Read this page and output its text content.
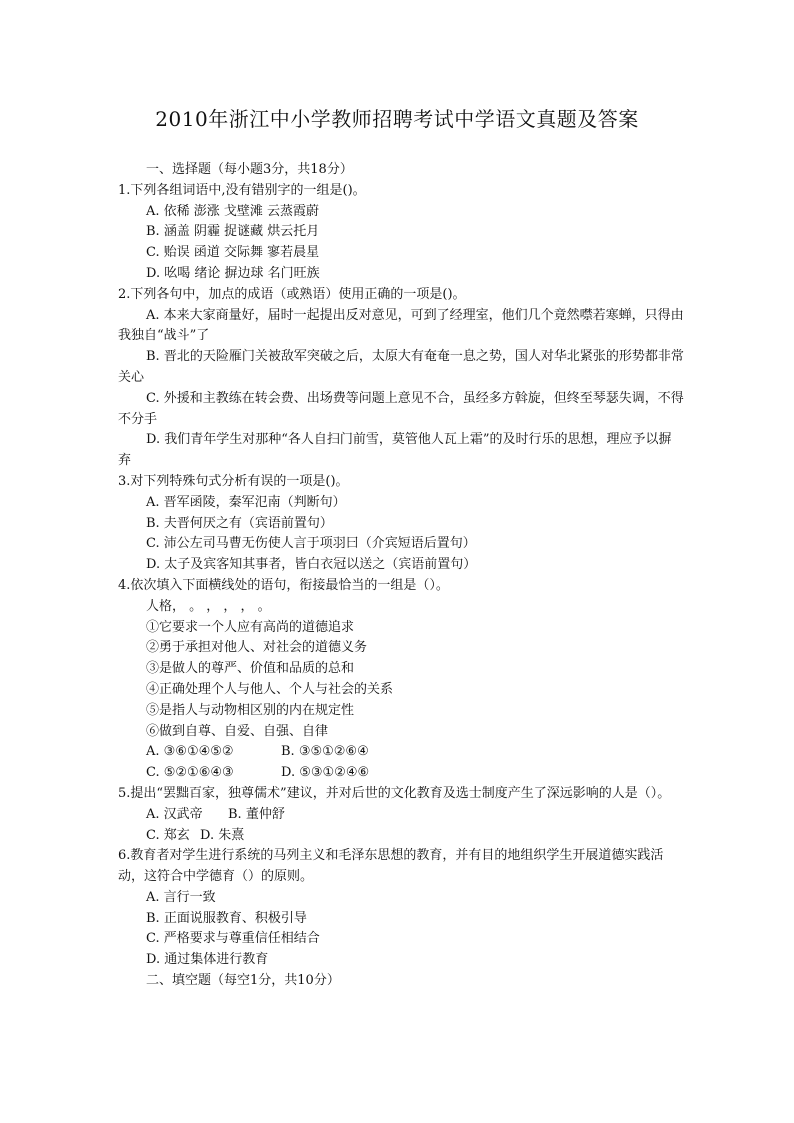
2010年浙江中小学教师招聘考试中学语文真题及答案
一、选择题（每小题3分，共18分）
1.下列各组词语中,没有错别字的一组是()。
A. 依稀 澎涨 戈壁滩 云蒸霞蔚
B. 涵盖 阴霾 捉谜藏 烘云托月
C. 贻误 函道 交际舞 寥若晨星
D. 吆喝 绪论 摒边球 名门旺族
2.下列各句中，加点的成语（或熟语）使用正确的一项是()。
A. 本来大家商量好，届时一起提出反对意见，可到了经理室，他们几个竟然噤若寒蝉，只得由我独自“战斗”了
B. 晋北的天险雁门关被敌军突破之后，太原大有奄奄一息之势，国人对华北紧张的形势都非常关心
C. 外援和主教练在转会费、出场费等问题上意见不合，虽经多方斡旋，但终至琴瑟失调，不得不分手
D. 我们青年学生对那种“各人自扫门前雪，莫管他人瓦上霜”的及时行乐的思想，理应予以摒弃
3.对下列特殊句式分析有误的一项是()。
A. 晋军函陵，秦军氾南（判断句）
B. 夫晋何厌之有（宾语前置句）
C. 沛公左司马曹无伤使人言于项羽曰（介宾短语后置句）
D. 太子及宾客知其事者，皆白衣冠以送之（宾语前置句）
4.依次填入下面横线处的语句，衔接最恰当的一组是（）。
人格， 。 ， ， ， 。
①它要求一个人应有高尚的道德追求
②勇于承担对他人、对社会的道德义务
③是做人的尊严、价值和品质的总和
④正确处理个人与他人、个人与社会的关系
⑤是指人与动物相区别的内在规定性
⑥做到自尊、自爱、自强、自律
A. ③⑥①④⑤②	B. ③⑤①②⑥④
C. ⑤②①⑥④③	D. ⑤③①②④⑥
5.提出“罢黜百家，独尊儒术”建议，并对后世的文化教育及选士制度产生了深远影响的人是（）。
A. 汉武帝 B. 董仲舒
C. 郑玄 D. 朱熹
6.教育者对学生进行系统的马列主义和毛泽东思想的教育，并有目的地组织学生开展道德实践活动，这符合中学德育（）的原则。
A. 言行一致
B. 正面说服教育、积极引导
C. 严格要求与尊重信任相结合
D. 通过集体进行教育
二、填空题（每空1分，共10分）
